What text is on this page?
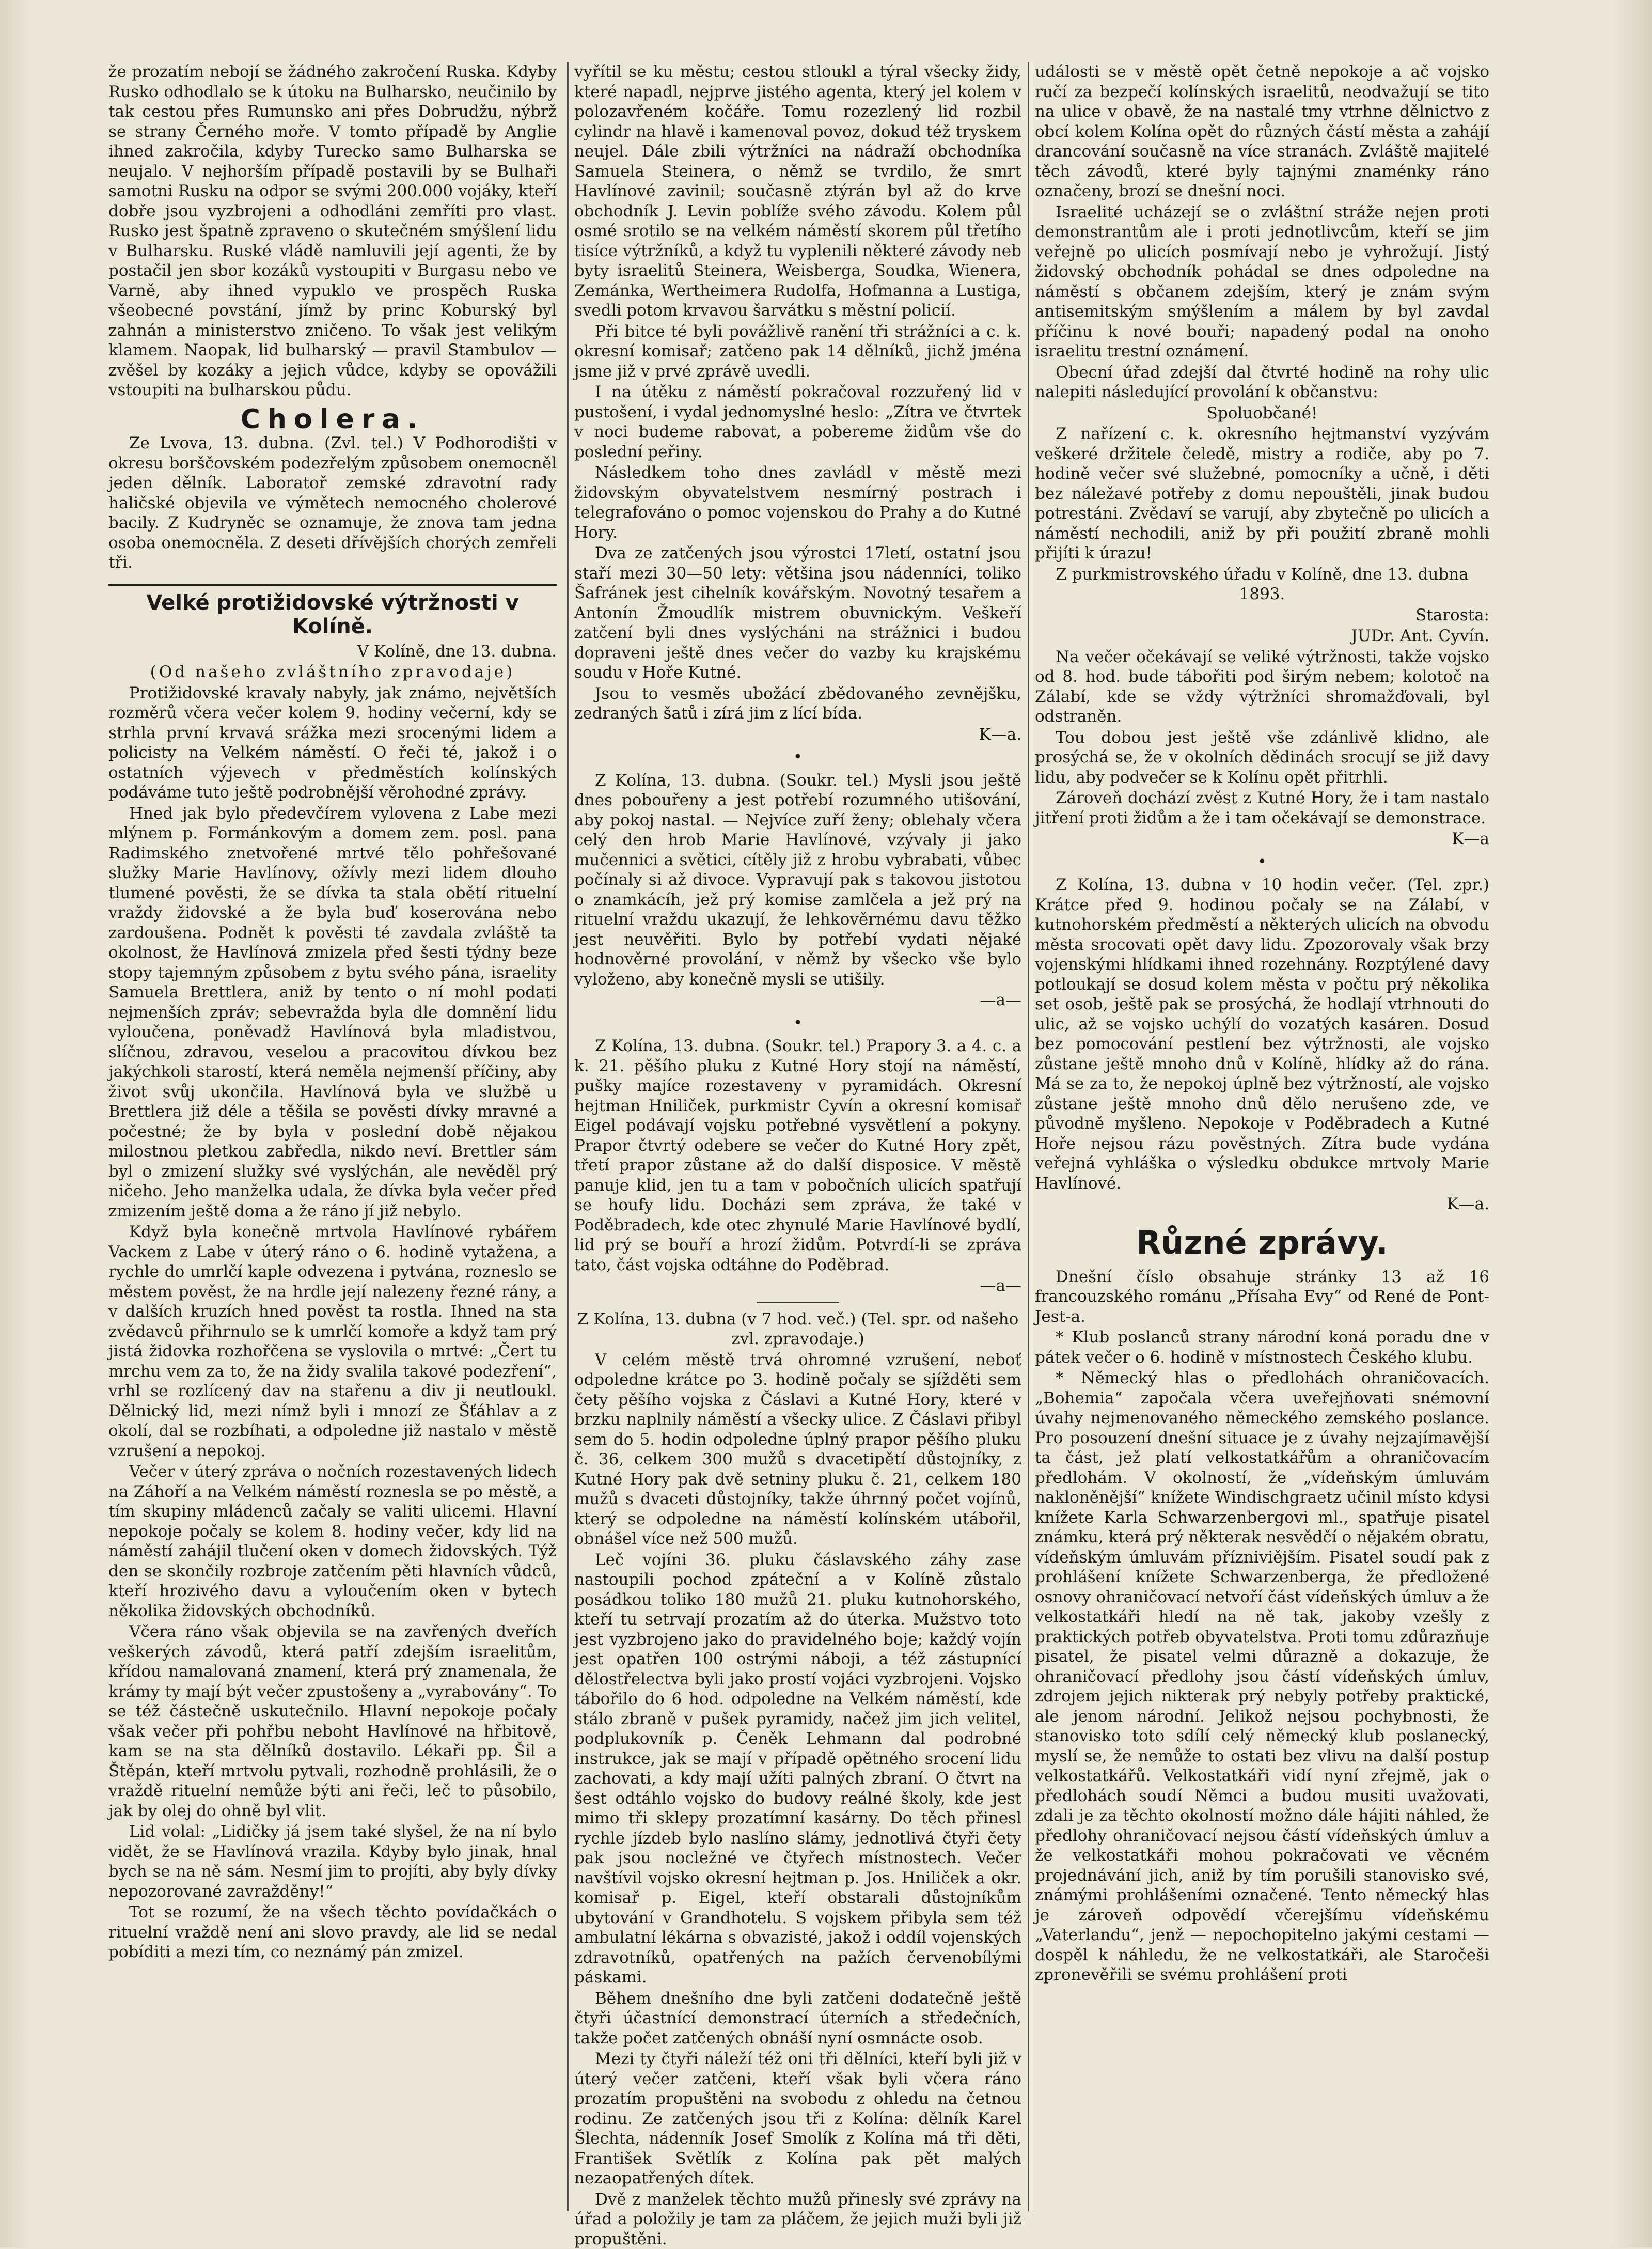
že prozatím nebojí se žádného zakročení Ruska. Kdyby Rusko odhodlalo se k útoku na Bulharsko, neučinilo by tak cestou přes Rumunsko ani přes Dobrudžu, nýbrž se strany Černého moře. V tomto případě by Anglie ihned zakročila, kdyby Turecko samo Bulharska se neujalo. V nejhorším případě postavili by se Bulhaři samotni Rusku na odpor se svými 200.000 vojáky, kteří dobře jsou vyzbrojeni a odhodláni zemříti pro vlast. Rusko jest špatně zpraveno o skutečném smýšlení lidu v Bulharsku. Ruské vládě namluvili její agenti, že by postačil jen sbor kozáků vystoupiti v Burgasu nebo ve Varně, aby ihned vypuklo ve prospěch Ruska všeobecné povstání, jímž by princ Koburský byl zahnán a ministerstvo zničeno. To však jest velikým klamem. Naopak, lid bulharský — pravil Stambulov — zvěšel by kozáky a jejich vůdce, kdyby se opovážili vstoupiti na bulharskou půdu.

Cholera.

Ze Lvova, 13. dubna. (Zvl. tel.) V Podhorodišti v okresu borščovském podezřelým způsobem onemocněl jeden dělník. Laboratoř zemské zdravotní rady haličské objevila ve výmětech nemocného cholerové bacily. Z Kudryněc se oznamuje, že znova tam jedna osoba onemocněla. Z deseti dřívějších chorých zemřeli tři.

Velké protižidovské výtržnosti v Kolíně.

V Kolíně, dne 13. dubna.

(Od našeho zvláštního zpravodaje)

Protižidovské kravaly nabyly, jak známo, největších rozměrů včera večer kolem 9. hodiny večerní, kdy se strhla první krvavá srážka mezi srocenými lidem a policisty na Velkém náměstí. O řeči té, jakož i o ostatních výjevech v předměstích kolínských podáváme tuto ještě podrobnější věrohodné zprávy.

Hned jak bylo předevčírem vylovena z Labe mezi mlýnem p. Formánkovým a domem zem. posl. pana Radimského znetvořené mrtvé tělo pohřešované služky Marie Havlínovy, ožívly mezi lidem dlouho tlumené pověsti, že se dívka ta stala obětí rituelní vraždy židovské a že byla buď koserována nebo zardoušena. Podnět k pověsti té zavdala zvláště ta okolnost, že Havlínová zmizela před šesti týdny beze stopy tajemným způsobem z bytu svého pána, israelity Samuela Brettlera, aniž by tento o ní mohl podati nejmenších zpráv; sebevražda byla dle domnění lidu vyloučena, poněvadž Havlínová byla mladistvou, slíčnou, zdravou, veselou a pracovitou dívkou bez jakýchkoli starostí, která neměla nejmenší příčiny, aby život svůj ukončila. Havlínová byla ve službě u Brettlera již déle a těšila se pověsti dívky mravné a počestné; že by byla v poslední době nějakou milostnou pletkou zabředla, nikdo neví. Brettler sám byl o zmizení služky své vyslýchán, ale nevěděl prý ničeho. Jeho manželka udala, že dívka byla večer před zmizením ještě doma a že ráno jí již nebylo.

Když byla konečně mrtvola Havlínové rybářem Vackem z Labe v úterý ráno o 6. hodině vytažena, a rychle do umrlčí kaple odvezena i pytvána, rozneslo se městem pověst, že na hrdle její nalezeny řezné rány, a v dalších kruzích hned pověst ta rostla. Ihned na sta zvědavců přihrnulo se k umrlčí komoře a když tam prý jistá židovka rozhořčena se vyslovila o mrtvé: „Čert tu mrchu vem za to, že na židy svalila takové podezření“, vrhl se rozlícený dav na stařenu a div ji neutloukl. Dělnický lid, mezi nímž byli i mnozí ze Šťáhlav a z okolí, dal se rozbíhati, a odpoledne již nastalo v městě vzrušení a nepokoj.

Večer v úterý zpráva o nočních rozestavených lidech na Záhoří a na Velkém náměstí roznesla se po městě, a tím skupiny mládenců začaly se valiti ulicemi. Hlavní nepokoje počaly se kolem 8. hodiny večer, kdy lid na náměstí zahájil tlučení oken v domech židovských. Týž den se skončily rozbroje zatčením pěti hlavních vůdců, kteří hrozivého davu a vyloučením oken v bytech několika židovských obchodníků.

Včera ráno však objevila se na zavřených dveřích veškerých závodů, která patří zdejším israelitům, křídou namalovaná znamení, která prý znamenala, že krámy ty mají být večer zpustošeny a „vyrabovány“. To se též částečně uskutečnilo. Hlavní nepokoje počaly však večer při pohřbu neboht Havlínové na hřbitově, kam se na sta dělníků dostavilo. Lékaři pp. Šil a Štěpán, kteří mrtvolu pytvali, rozhodně prohlásili, že o vraždě rituelní nemůže býti ani řeči, leč to působilo, jak by olej do ohně byl vlit.

Lid volal: „Lidičky já jsem také slyšel, že na ní bylo vidět, že se Havlínová vrazila. Kdyby bylo jinak, hnal bych se na ně sám. Nesmí jim to projíti, aby byly dívky nepozorované zavražděny!“

Tot se rozumí, že na všech těchto povídačkách o rituelní vraždě není ani slovo pravdy, ale lid se nedal pobíditi a mezi tím, co neznámý pán zmizel.

vyřítil se ku městu; cestou stloukl a týral všecky židy, které napadl, nejprve jistého agenta, který jel kolem v polozavřeném kočáře. Tomu rozezlený lid rozbil cylindr na hlavě i kamenoval povoz, dokud též tryskem neujel. Dále zbili výtržníci na nádraží obchodníka Samuela Steinera, o němž se tvrdilo, že smrt Havlínové zavinil; současně ztýrán byl až do krve obchodník J. Levin poblíže svého závodu. Kolem půl osmé srotilo se na velkém náměstí skorem půl třetího tisíce výtržníků, a když tu vyplenili některé závody neb byty israelitů Steinera, Weisberga, Soudka, Wienera, Zemánka, Wertheimera Rudolfa, Hofmanna a Lustiga, svedli potom krvavou šarvátku s městní policií.

Při bitce té byli povážlivě ranění tři strážníci a c. k. okresní komisař; zatčeno pak 14 dělníků, jichž jména jsme již v prvé zprávě uvedli.

I na útěku z náměstí pokračoval rozzuřený lid v pustošení, i vydal jednomyslné heslo: „Zítra ve čtvrtek v noci budeme rabovat, a pobereme židům vše do poslední peřiny.

Následkem toho dnes zavládl v městě mezi židovským obyvatelstvem nesmírný postrach i telegrafováno o pomoc vojenskou do Prahy a do Kutné Hory.

Dva ze zatčených jsou výrostci 17letí, ostatní jsou staří mezi 30—50 lety: většina jsou nádenníci, toliko Šafránek jest cihelník kovářským. Novotný tesařem a Antonín Žmoudlík mistrem obuvnickým. Veškeří zatčení byli dnes vyslýcháni na strážnici i budou dopraveni ještě dnes večer do vazby ku krajskému soudu v Hoře Kutné.

Jsou to vesměs ubožácí zbědovaného zevnějšku, zedraných šatů i zírá jim z lící bída.

K—a.

•

Z Kolína, 13. dubna. (Soukr. tel.) Mysli jsou ještě dnes pobouřeny a jest potřebí rozumného utišování, aby pokoj nastal. — Nejvíce zuří ženy; oblehaly včera celý den hrob Marie Havlínové, vzývaly ji jako mučennici a světici, cítěly již z hrobu vybrabati, vůbec počínaly si až divoce. Vypravují pak s takovou jistotou o znamkácíh, jež prý komise zamlčela a jež prý na rituelní vraždu ukazují, že lehkověrnému davu těžko jest neuvěřiti. Bylo by potřebí vydati nějaké hodnověrné provolání, v němž by všecko vše bylo vyloženo, aby konečně mysli se utišily.

—a—

•

Z Kolína, 13. dubna. (Soukr. tel.) Prapory 3. a 4. c. a k. 21. pěšího pluku z Kutné Hory stojí na náměstí, pušky majíce rozestaveny v pyramidách. Okresní hejtman Hniliček, purkmistr Cyvín a okresní komisař Eigel podávají vojsku potřebné vysvětlení a pokyny. Prapor čtvrtý odebere se večer do Kutné Hory zpět, třetí prapor zůstane až do další disposice. V městě panuje klid, jen tu a tam v pobočních ulicích spatřují se houfy lidu. Docházi sem zpráva, že také v Poděbradech, kde otec zhynulé Marie Havlínové bydlí, lid prý se bouří a hrozí židům. Potvrdí-li se zpráva tato, část vojska odtáhne do Poděbrad.

—a—

Z Kolína, 13. dubna (v 7 hod. več.) (Tel. spr. od našeho zvl. zpravodaje.)

V celém městě trvá ohromné vzrušení, neboť odpoledne krátce po 3. hodině počaly se sjížděti sem čety pěšího vojska z Čáslavi a Kutné Hory, které v brzku naplnily náměstí a všecky ulice. Z Čáslavi přibyl sem do 5. hodin odpoledne úplný prapor pěšího pluku č. 36, celkem 300 mužů s dvacetipětí důstojníky, z Kutné Hory pak dvě setniny pluku č. 21, celkem 180 mužů s dvaceti důstojníky, takže úhrnný počet vojínů, který se odpoledne na náměstí kolínském utábořil, obnášel více než 500 mužů.

Leč vojíni 36. pluku čáslavského záhy zase nastoupili pochod zpáteční a v Kolíně zůstalo posádkou toliko 180 mužů 21. pluku kutnohorského, kteří tu setrvají prozatím až do úterka. Mužstvo toto jest vyzbrojeno jako do pravidelného boje; každý vojín jest opatřen 100 ostrými náboji, a též zástupnící dělostřelectva byli jako prostí vojáci vyzbrojeni. Vojsko tábořilo do 6 hod. odpoledne na Velkém náměstí, kde stálo zbraně v pušek pyramidy, načež jim jich velitel, podplukovník p. Čeněk Lehmann dal podrobné instrukce, jak se mají v případě opětného srocení lidu zachovati, a kdy mají užíti palných zbraní. O čtvrt na šest odtáhlo vojsko do budovy reálné školy, kde jest mimo tři sklepy prozatímní kasárny. Do těch přinesl rychle jízdeb bylo naslíno slámy, jednotlivá čtyři čety pak jsou nocležné ve čtyřech místnostech. Večer navštívil vojsko okresní hejtman p. Jos. Hniliček a okr. komisař p. Eigel, kteří obstarali důstojníkům ubytování v Grandhotelu. S vojskem přibyla sem též ambulatní lékárna s obvazisté, jakož i oddíl vojenských zdravotníků, opatřených na pažích červenobílými páskami.

Během dnešního dne byli zatčeni dodatečně ještě čtyři účastnící demonstrací úterních a středečních, takže počet zatčených obnáší nyní osmnácte osob.

Mezi ty čtyři náleží též oni tři dělníci, kteří byli již v úterý večer zatčeni, kteří však byli včera ráno prozatím propuštěni na svobodu z ohledu na četnou rodinu. Ze zatčených jsou tři z Kolína: dělník Karel Šlechta, nádenník Josef Smolík z Kolína má tři děti, František Světlík z Kolína pak pět malých nezaopatřených dítek.

Dvě z manželek těchto mužů přinesly své zprávy na úřad a položily je tam za pláčem, že jejich muži byli již propuštěni.

události se v městě opět četně nepokoje a ač vojsko ručí za bezpečí kolínských israelitů, neodvažují se tito na ulice v obavě, že na nastalé tmy vtrhne dělnictvo z obcí kolem Kolína opět do různých částí města a zahájí drancování současně na více stranách. Zvláště majitelé těch závodů, které byly tajnými znaménky ráno označeny, brozí se dnešní noci.

Israelité ucházejí se o zvláštní stráže nejen proti demonstrantům ale i proti jednotlivcům, kteří se jim veřejně po ulicích posmívají nebo je vyhrožují. Jistý židovský obchodník pohádal se dnes odpoledne na náměstí s občanem zdejším, který je znám svým antisemitským smýšlením a málem by byl zavdal příčinu k nové bouři; napadený podal na onoho israelitu trestní oznámení.

Obecní úřad zdejší dal čtvrté hodině na rohy ulic nalepiti následující provolání k občanstvu:

Spoluobčané!

Z nařízení c. k. okresního hejtmanství vyzývám veškeré držitele čeledě, mistry a rodiče, aby po 7. hodině večer své služebné, pomocníky a učně, i děti bez náležavé potřeby z domu nepouštěli, jinak budou potrestáni. Zvědaví se varují, aby zbytečně po ulicích a náměstí nechodili, aniž by při použití zbraně mohli přijíti k úrazu!

Z purkmistrovského úřadu v Kolíně, dne 13. dubna 1893.

Starosta:

JUDr. Ant. Cyvín.

Na večer očekávají se veliké výtržnosti, takže vojsko od 8. hod. bude tábořiti pod širým nebem; kolotoč na Zálabí, kde se vždy výtržníci shromažďovali, byl odstraněn.

Tou dobou jest ještě vše zdánlivě klidno, ale prosýchá se, že v okolních dědinách srocují se již davy lidu, aby podvečer se k Kolínu opět přitrhli.

Zároveň dochází zvěst z Kutné Hory, že i tam nastalo jitření proti židům a že i tam očekávají se demonstrace.

K—a

•

Z Kolína, 13. dubna v 10 hodin večer. (Tel. zpr.) Krátce před 9. hodinou počaly se na Zálabí, v kutnohorském předměstí a některých ulicích na obvodu města srocovati opět davy lidu. Zpozorovaly však brzy vojenskými hlídkami ihned rozehnány. Rozptýlené davy potloukají se dosud kolem města v počtu prý několika set osob, ještě pak se prosýchá, že hodlají vtrhnouti do ulic, až se vojsko uchýlí do vozatých kasáren. Dosud bez pomocování pestlení bez výtržnosti, ale vojsko zůstane ještě mnoho dnů v Kolíně, hlídky až do rána. Má se za to, že nepokoj úplně bez výtržností, ale vojsko zůstane ještě mnoho dnů dělo nerušeno zde, ve původně myšleno. Nepokoje v Poděbradech a Kutné Hoře nejsou rázu pověstných. Zítra bude vydána veřejná vyhláška o výsledku obdukce mrtvoly Marie Havlínové.

K—a.

Různé zprávy.

Dnešní číslo obsahuje stránky 13 až 16 francouzského románu „Přísaha Evy“ od René de Pont-Jest-a.

* Klub poslanců strany národní koná poradu dne v pátek večer o 6. hodině v místnostech Českého klubu.

* Německý hlas o předlohách ohraničovacích. „Bohemia“ započala včera uveřejňovati snémovní úvahy nejmenovaného německého zemského poslance. Pro posouzení dnešní situace je z úvahy nejzajímavější ta část, jež platí velkostatkářům a ohraničovacím předlohám. V okolností, že „vídeňským úmluvám nakloněnější“ knížete Windischgraetz učinil místo kdysi knížete Karla Schwarzenbergovi ml., spatřuje pisatel známku, která prý některak nesvědčí o nějakém obratu, vídeňským úmluvám přízniviějším. Pisatel soudí pak z prohlášení knížete Schwarzenberga, že předložené osnovy ohraničovací netvoří část vídeňských úmluv a že velkostatkáři hledí na ně tak, jakoby vzešly z praktických potřeb obyvatelstva. Proti tomu zdůrazňuje pisatel, že pisatel velmi důrazně a dokazuje, že ohraničovací předlohy jsou částí vídeňských úmluv, zdrojem jejich nikterak prý nebyly potřeby praktické, ale jenom národní. Jelikož nejsou pochybnosti, že stanovisko toto sdílí celý německý klub poslanecký, myslí se, že nemůže to ostati bez vlivu na další postup velkostatkářů. Velkostatkáři vidí nyní zřejmě, jak o předlohách soudí Němci a budou musiti uvažovati, zdali je za těchto okolností možno dále hájiti náhled, že předlohy ohraničovací nejsou částí vídeňských úmluv a že velkostatkáři mohou pokračovati ve věcném projednávání jich, aniž by tím porušili stanovisko své, známými prohlášeními označené. Tento německý hlas je zároveň odpovědí včerejšímu vídeňskému „Vaterlandu“, jenž — nepochopitelno jakými cestami — dospěl k náhledu, že ne velkostatkáři, ale Staročeši zpronevěřili se svému prohlášení proti
